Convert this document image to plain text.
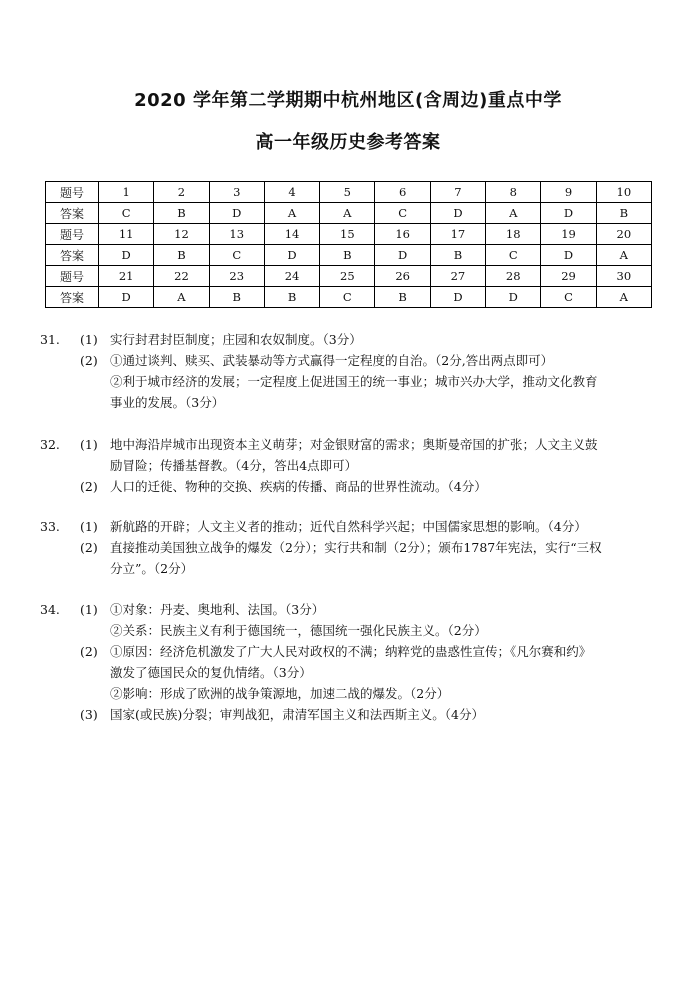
2020 学年第二学期期中杭州地区(含周边)重点中学
高一年级历史参考答案
题号	1	2	3	4	5	6	7	8	9	10
答案	C	B	D	A	A	C	D	A	D	B
题号	11	12	13	14	15	16	17	18	19	20
答案	D	B	C	D	B	D	B	C	D	A
题号	21	22	23	24	25	26	27	28	29	30
答案	D	A	B	B	C	B	D	D	C	A
31.	(1) 实行封君封臣制度；庄园和农奴制度。（3分）
(2) ①通过谈判、赎买、武装暴动等方式赢得一定程度的自治。（2分,答出两点即可）
②利于城市经济的发展；一定程度上促进国王的统一事业；城市兴办大学，推动文化教育
事业的发展。（3分）
32.	(1) 地中海沿岸城市出现资本主义萌芽；对金银财富的需求；奥斯曼帝国的扩张；人文主义鼓
励冒险；传播基督教。（4分，答出4点即可）
(2) 人口的迁徙、物种的交换、疾病的传播、商品的世界性流动。（4分）
33.	(1) 新航路的开辟；人文主义者的推动；近代自然科学兴起；中国儒家思想的影响。（4分）
(2) 直接推动美国独立战争的爆发（2分）；实行共和制（2分）；颁布1787年宪法，实行“三权
分立”。（2分）
34.	(1) ①对象：丹麦、奥地利、法国。（3分）
②关系：民族主义有利于德国统一，德国统一强化民族主义。（2分）
(2) ①原因：经济危机激发了广大人民对政权的不满；纳粹党的蛊惑性宣传；《凡尔赛和约》
激发了德国民众的复仇情绪。（3分）
②影响：形成了欧洲的战争策源地，加速二战的爆发。（2分）
(3) 国家(或民族)分裂；审判战犯，肃清军国主义和法西斯主义。（4分）
